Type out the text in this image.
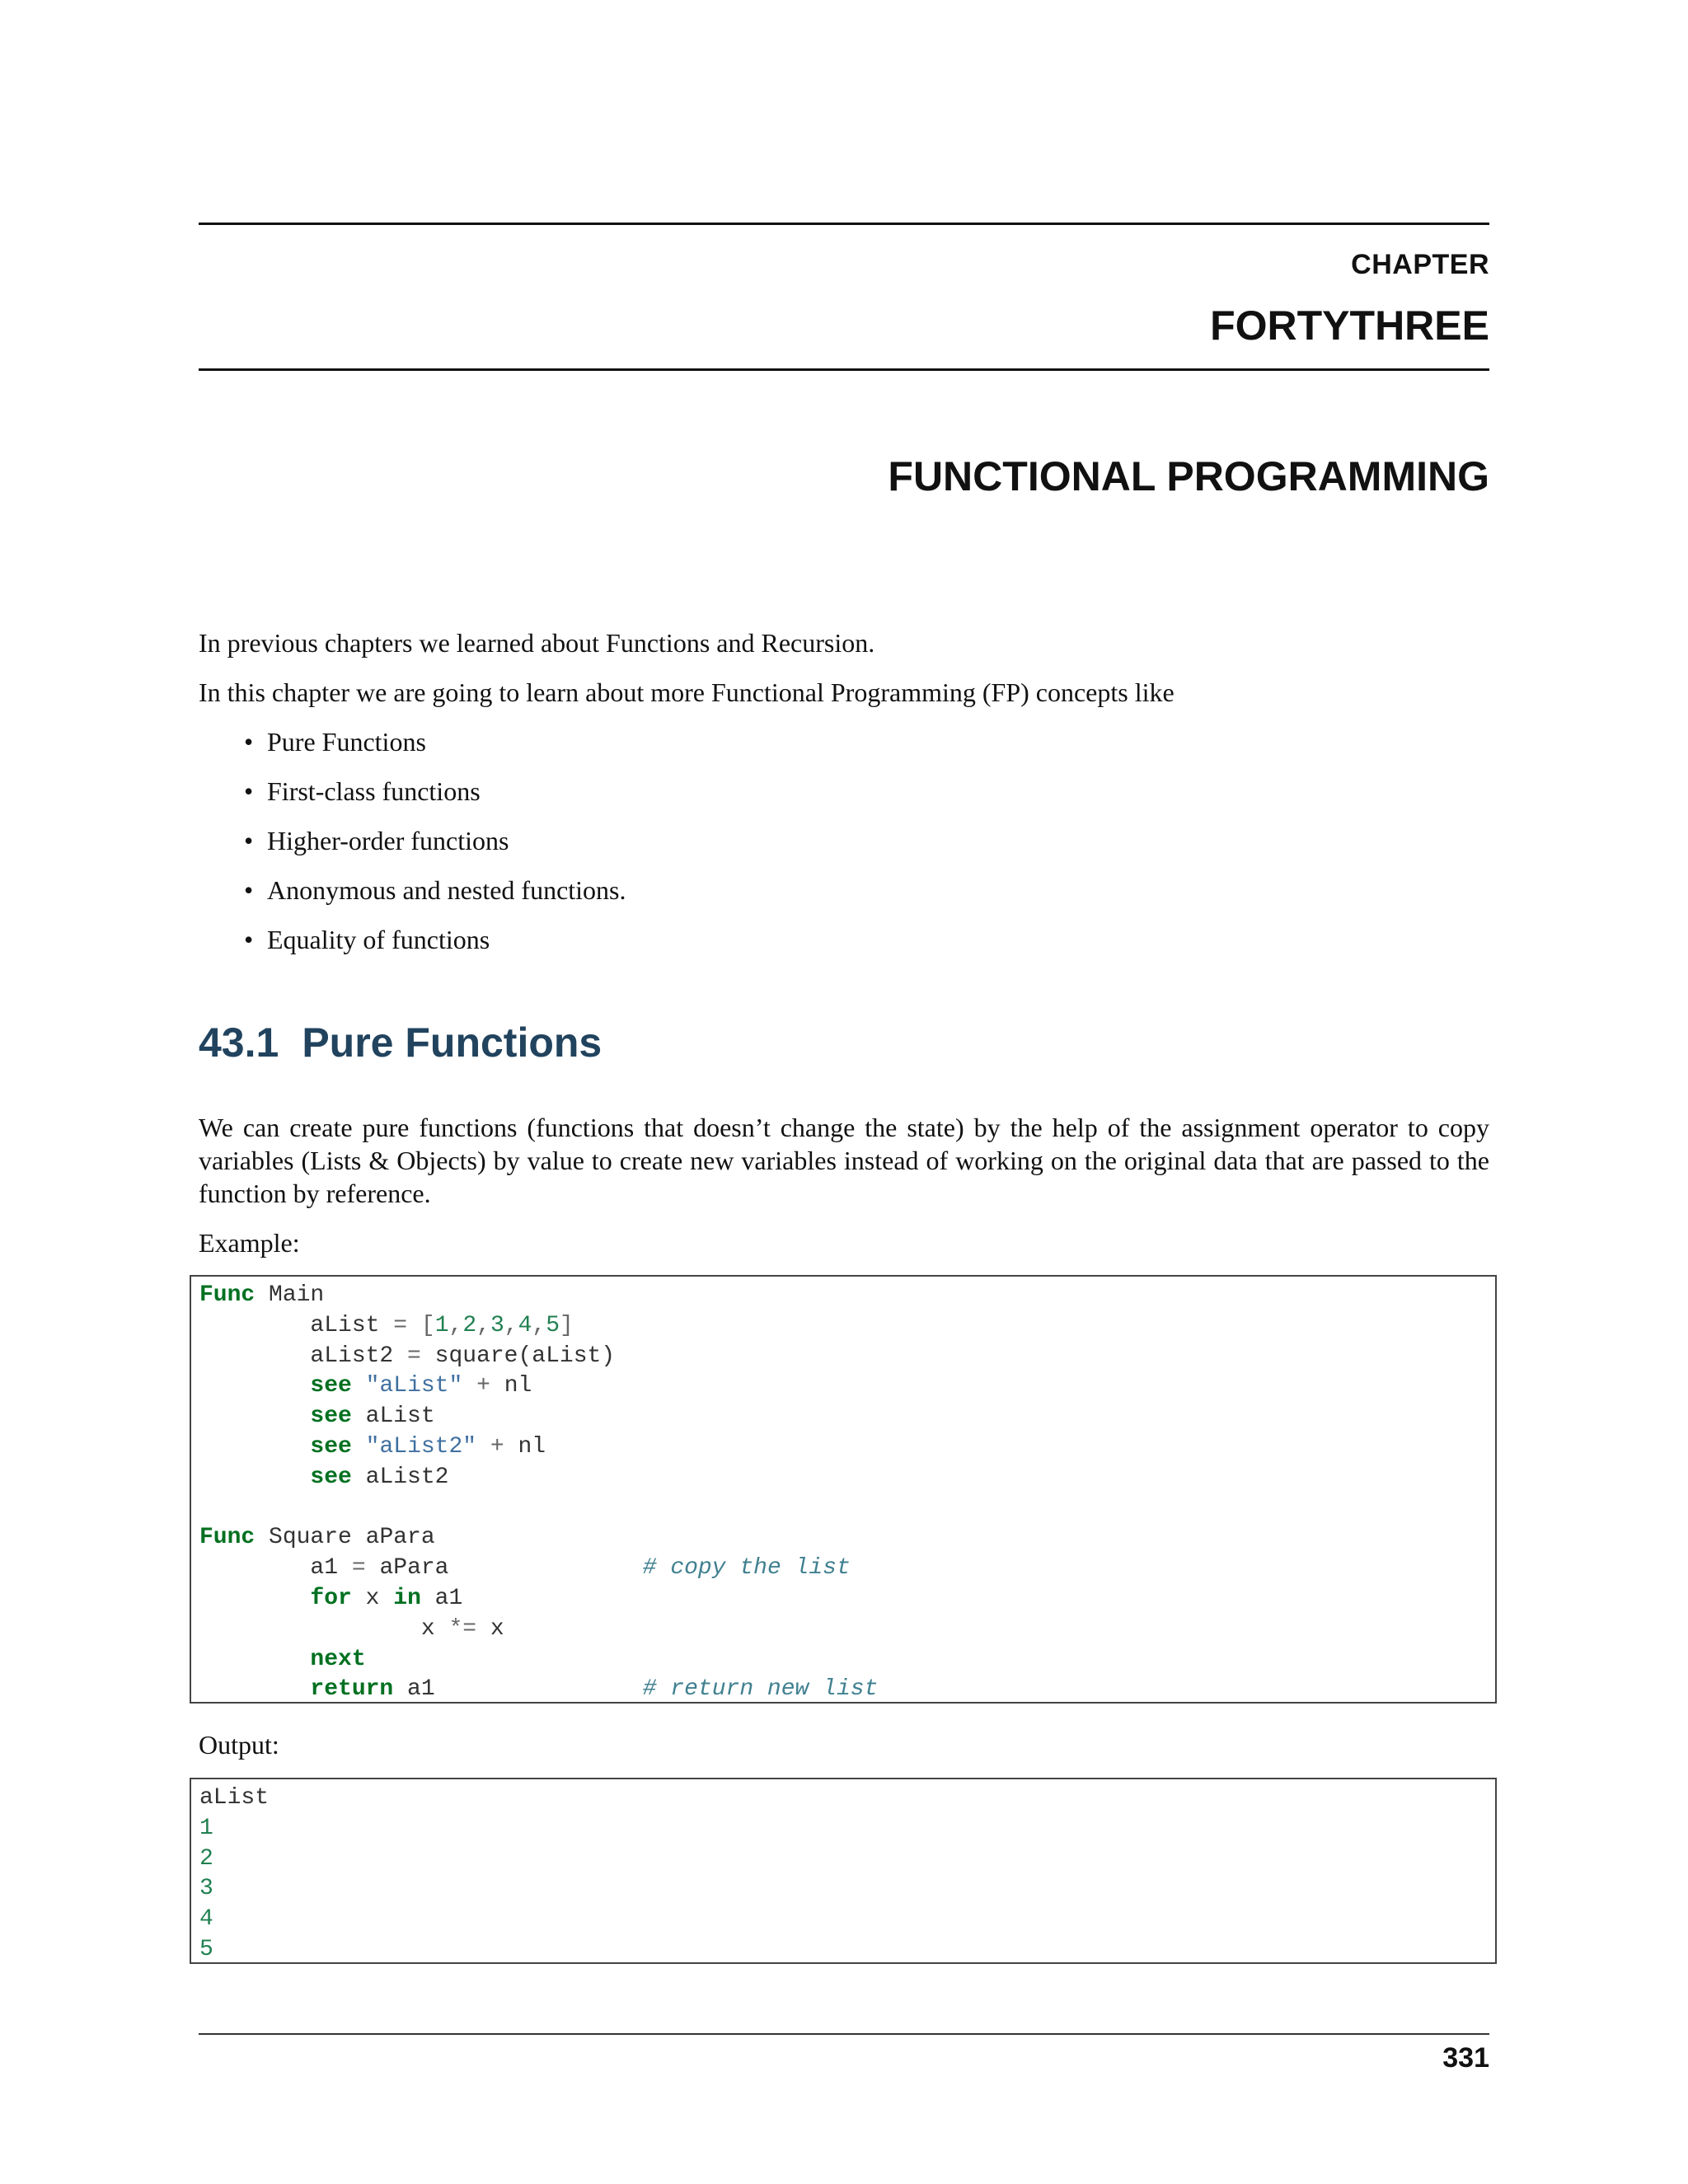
CHAPTER
FORTYTHREE
FUNCTIONAL PROGRAMMING
In previous chapters we learned about Functions and Recursion.
In this chapter we are going to learn about more Functional Programming (FP) concepts like
• Pure Functions
• First-class functions
• Higher-order functions
• Anonymous and nested functions.
• Equality of functions
43.1 Pure Functions
We can create pure functions (functions that doesn’t change the state) by the help of the assignment operator to copy variables (Lists & Objects) by value to create new variables instead of working on the original data that are passed to the function by reference.
Example:
Func Main
aList = [1,2,3,4,5]
aList2 = square(aList)
see "aList" + nl
see aList
see "aList2" + nl
see aList2

Func Square aPara
a1 = aPara              # copy the list
for x in a1
x *= x
next
return a1               # return new list
Output:
aList
1
2
3
4
5
331
